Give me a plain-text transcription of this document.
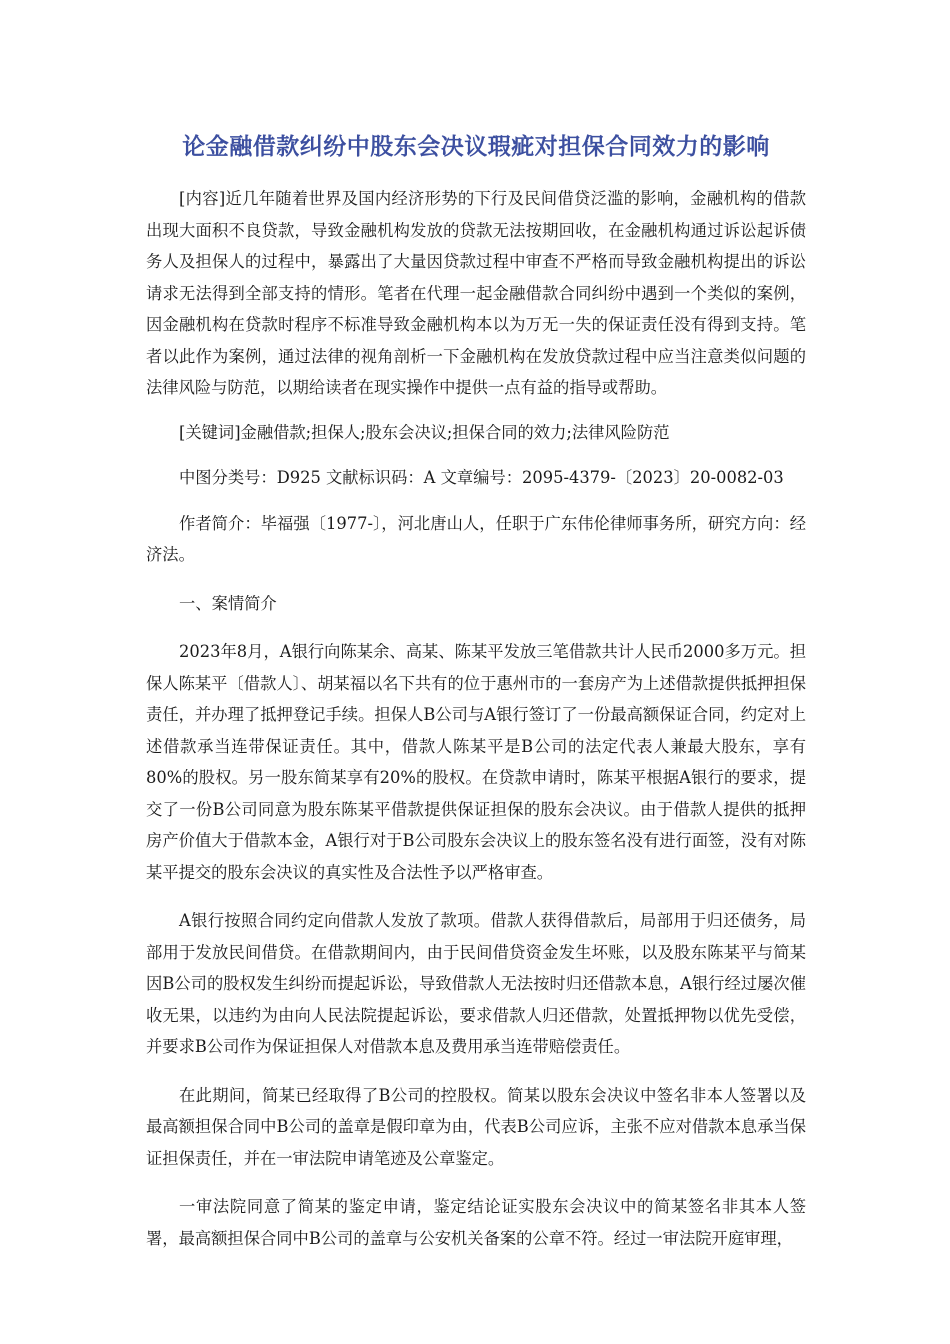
论金融借款纠纷中股东会决议瑕疵对担保合同效力的影响

[内容]近几年随着世界及国内经济形势的下行及民间借贷泛滥的影响，金融机构的借款出现大面积不良贷款，导致金融机构发放的贷款无法按期回收，在金融机构通过诉讼起诉债务人及担保人的过程中，暴露出了大量因贷款过程中审查不严格而导致金融机构提出的诉讼请求无法得到全部支持的情形。笔者在代理一起金融借款合同纠纷中遇到一个类似的案例，因金融机构在贷款时程序不标准导致金融机构本以为万无一失的保证责任没有得到支持。笔者以此作为案例，通过法律的视角剖析一下金融机构在发放贷款过程中应当注意类似问题的法律风险与防范，以期给读者在现实操作中提供一点有益的指导或帮助。

[关键词]金融借款;担保人;股东会决议;担保合同的效力;法律风险防范

中图分类号：D925 文献标识码：A 文章编号：2095-4379-〔2023〕20-0082-03

作者简介：毕福强〔1977-〕，河北唐山人，任职于广东伟伦律师事务所，研究方向：经济法。

一、案情简介

2023年8月，A银行向陈某余、高某、陈某平发放三笔借款共计人民币2000多万元。担保人陈某平〔借款人〕、胡某福以名下共有的位于惠州市的一套房产为上述借款提供抵押担保责任，并办理了抵押登记手续。担保人B公司与A银行签订了一份最高额保证合同，约定对上述借款承当连带保证责任。其中，借款人陈某平是B公司的法定代表人兼最大股东，享有80%的股权。另一股东简某享有20%的股权。在贷款申请时，陈某平根据A银行的要求，提交了一份B公司同意为股东陈某平借款提供保证担保的股东会决议。由于借款人提供的抵押房产价值大于借款本金，A银行对于B公司股东会决议上的股东签名没有进行面签，没有对陈某平提交的股东会决议的真实性及合法性予以严格审查。

A银行按照合同约定向借款人发放了款项。借款人获得借款后，局部用于归还债务，局部用于发放民间借贷。在借款期间内，由于民间借贷资金发生坏账，以及股东陈某平与简某因B公司的股权发生纠纷而提起诉讼，导致借款人无法按时归还借款本息，A银行经过屡次催收无果，以违约为由向人民法院提起诉讼，要求借款人归还借款，处置抵押物以优先受偿，并要求B公司作为保证担保人对借款本息及费用承当连带赔偿责任。

在此期间，简某已经取得了B公司的控股权。简某以股东会决议中签名非本人签署以及最高额担保合同中B公司的盖章是假印章为由，代表B公司应诉，主张不应对借款本息承当保证担保责任，并在一审法院申请笔迹及公章鉴定。

一审法院同意了简某的鉴定申请，鉴定结论证实股东会决议中的简某签名非其本人签署，最高额担保合同中B公司的盖章与公安机关备案的公章不符。经过一审法院开庭审理，
